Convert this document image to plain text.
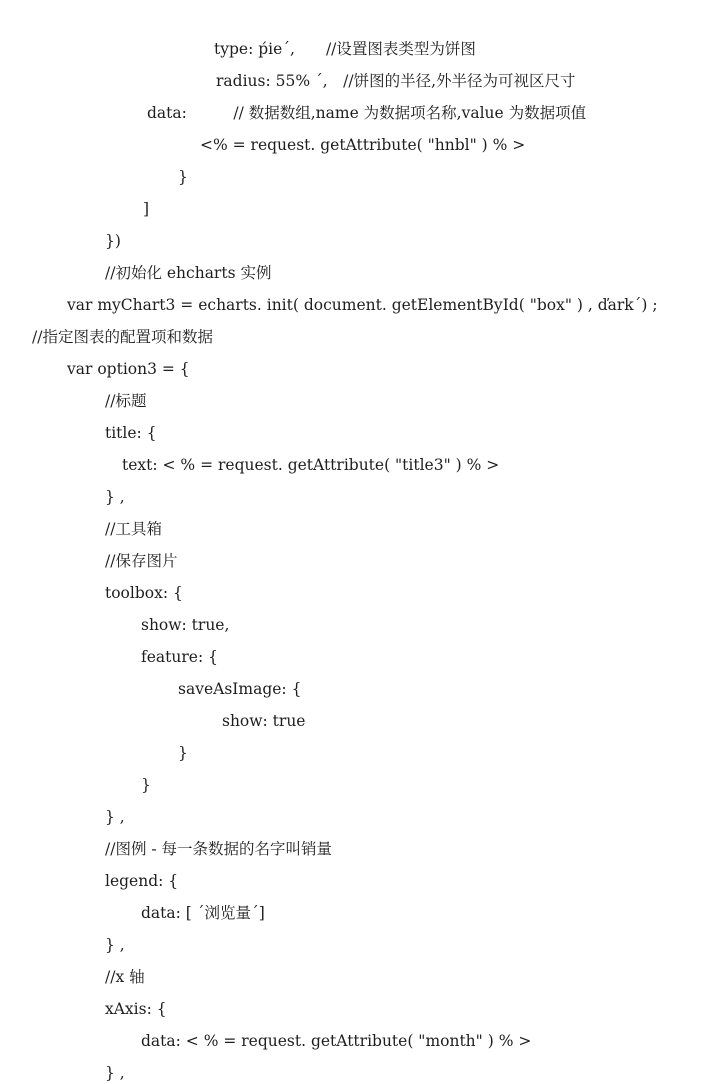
type: ṕie´,　　//设置图表类型为饼图
radius: 55% ´,　//饼图的半径,外半径为可视区尺寸
data:　　　// 数据数组,name 为数据项名称,value 为数据项值
<% = request. getAttribute( "hnbl" ) % >
}
]
})
//初始化 ehcharts 实例
var myChart3 = echarts. init( document. getElementById( "box" ) , ďark´) ;
//指定图表的配置项和数据
var option3 = {
//标题
title: {
text: < % = request. getAttribute( "title3" ) % >
} ,
//工具箱
//保存图片
toolbox: {
show: true,
feature: {
saveAsImage: {
show: true
}
}
} ,
//图例 - 每一条数据的名字叫销量
legend: {
data: [ ´浏览量´]
} ,
//x 轴
xAxis: {
data: < % = request. getAttribute( "month" ) % >
} ,
